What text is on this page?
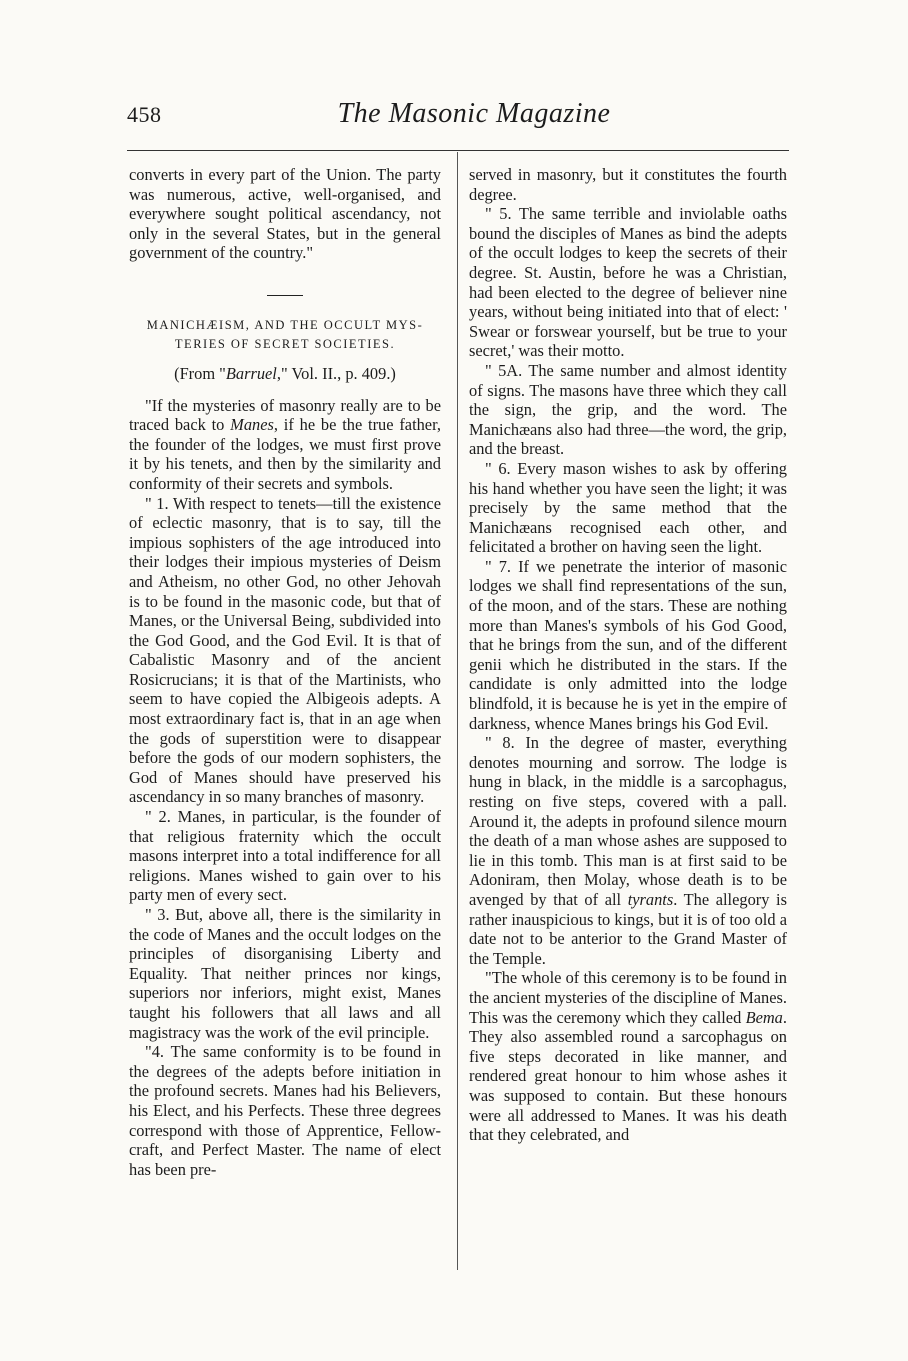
458	The Masonic Magazine

converts in every part of the Union. The party was numerous, active, well-organised, and everywhere sought political ascendancy, not only in the several States, but in the general government of the country."

MANICHÆISM, AND THE OCCULT MYS-
TERIES OF SECRET SOCIETIES.
(From "Barruel," Vol. II., p. 409.)

"If the mysteries of masonry really are to be traced back to Manes, if he be the true father, the founder of the lodges, we must first prove it by his tenets, and then by the similarity and conformity of their secrets and symbols.

" 1. With respect to tenets—till the existence of eclectic masonry, that is to say, till the impious sophisters of the age introduced into their lodges their impious mysteries of Deism and Atheism, no other God, no other Jehovah is to be found in the masonic code, but that of Manes, or the Universal Being, subdivided into the God Good, and the God Evil. It is that of Cabalistic Masonry and of the ancient Rosicrucians; it is that of the Martinists, who seem to have copied the Albigeois adepts. A most extraordinary fact is, that in an age when the gods of superstition were to disappear before the gods of our modern sophisters, the God of Manes should have preserved his ascendancy in so many branches of masonry.

" 2. Manes, in particular, is the founder of that religious fraternity which the occult masons interpret into a total indifference for all religions. Manes wished to gain over to his party men of every sect.

" 3. But, above all, there is the similarity in the code of Manes and the occult lodges on the principles of disorganising Liberty and Equality. That neither princes nor kings, superiors nor inferiors, might exist, Manes taught his followers that all laws and all magistracy was the work of the evil principle.

"4. The same conformity is to be found in the degrees of the adepts before initiation in the profound secrets. Manes had his Believers, his Elect, and his Perfects. These three degrees correspond with those of Apprentice, Fellow-craft, and Perfect Master. The name of elect has been pre-

served in masonry, but it constitutes the fourth degree.

" 5. The same terrible and inviolable oaths bound the disciples of Manes as bind the adepts of the occult lodges to keep the secrets of their degree. St. Austin, before he was a Christian, had been elected to the degree of believer nine years, without being initiated into that of elect: ' Swear or forswear yourself, but be true to your secret,' was their motto.

" 5A. The same number and almost identity of signs. The masons have three which they call the sign, the grip, and the word. The Manichæans also had three—the word, the grip, and the breast.

" 6. Every mason wishes to ask by offering his hand whether you have seen the light; it was precisely by the same method that the Manichæans recognised each other, and felicitated a brother on having seen the light.

" 7. If we penetrate the interior of masonic lodges we shall find representations of the sun, of the moon, and of the stars. These are nothing more than Manes's symbols of his God Good, that he brings from the sun, and of the different genii which he distributed in the stars. If the candidate is only admitted into the lodge blindfold, it is because he is yet in the empire of darkness, whence Manes brings his God Evil.

" 8. In the degree of master, everything denotes mourning and sorrow. The lodge is hung in black, in the middle is a sarcophagus, resting on five steps, covered with a pall. Around it, the adepts in profound silence mourn the death of a man whose ashes are supposed to lie in this tomb. This man is at first said to be Adoniram, then Molay, whose death is to be avenged by that of all tyrants. The allegory is rather inauspicious to kings, but it is of too old a date not to be anterior to the Grand Master of the Temple.

"The whole of this ceremony is to be found in the ancient mysteries of the discipline of Manes. This was the ceremony which they called Bema. They also assembled round a sarcophagus on five steps decorated in like manner, and rendered great honour to him whose ashes it was supposed to contain. But these honours were all addressed to Manes. It was his death that they celebrated, and
